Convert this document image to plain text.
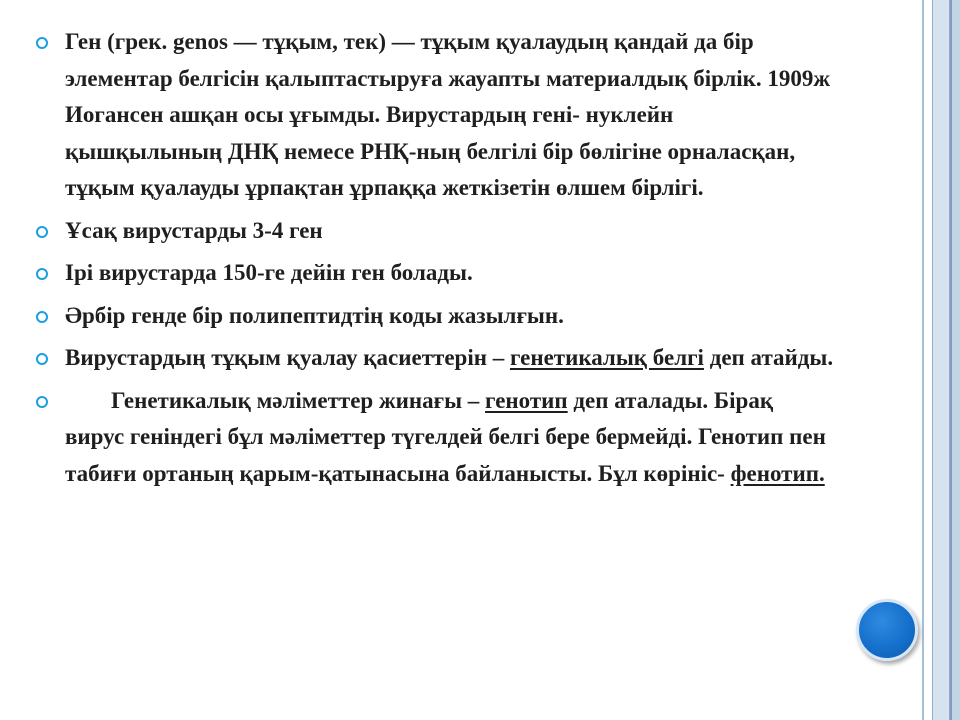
Ген (грек. genos — тұқым, тек) — тұқым қуалаудың қандай да бір элементар белгісін қалыптастыруға жауапты материалдық бірлік. 1909ж Иогансен ашқан осы ұғымды. Вирустардың гені- нуклейн қышқылының ДНҚ немесе РНҚ-ның белгілі бір бөлігіне орналасқан, тұқым қуалауды ұрпақтан ұрпаққа жеткізетін өлшем бірлігі.
Ұсақ вирустарды 3-4 ген
Ірі вирустарда 150-ге дейін ген болады.
Әрбір генде бір полипептидтің коды жазылғын.
Вирустардың тұқым қуалау қасиеттерін – генетикалық белгі деп атайды.
Генетикалық мәліметтер жинағы – генотип деп аталады. Бірақ вирус геніндегі бұл мәліметтер түгелдей белгі бере бермейді. Генотип пен табиғи ортаның қарым-қатынасына байланысты. Бұл көрініс- фенотип.
